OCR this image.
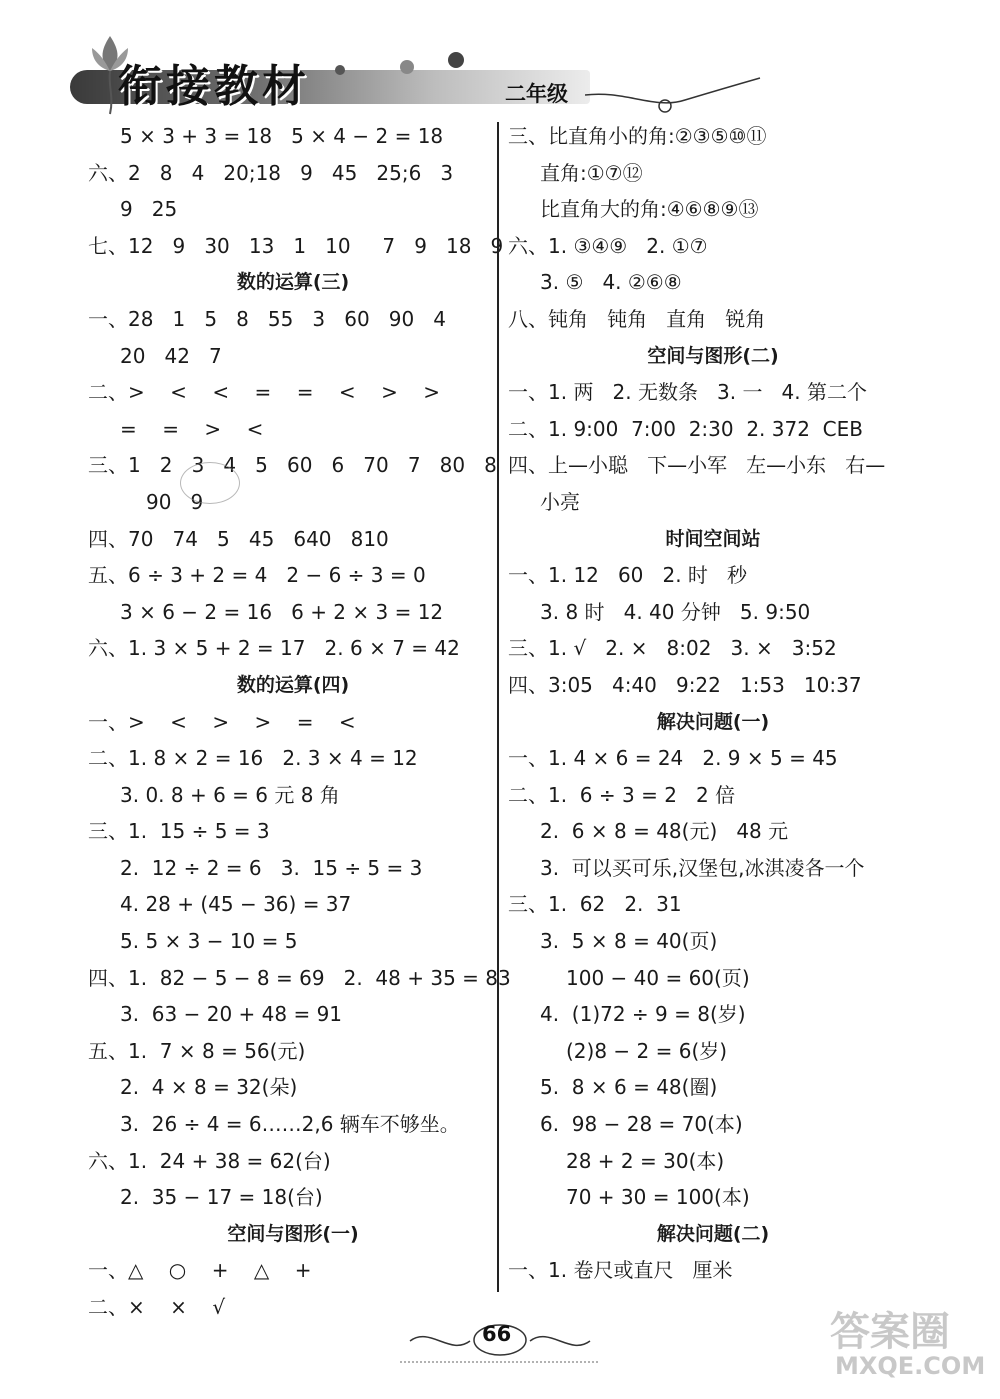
衔接教材	二年级
5 × 3 + 3 = 18   5 × 4 − 2 = 18
六、2   8   4   20;18   9   45   25;6   3
9   25
七、12   9   30   13   1   10     7   9   18   9
数的运算(三)
一、28   1   5   8   55   3   60   90   4
20   42   7
二、>    <    <    =    =    <    >    >
=    =    >    <
三、1   2   3   4   5   60   6   70   7   80   8
90   9
四、70   74   5   45   640   810
五、6 ÷ 3 + 2 = 4   2 − 6 ÷ 3 = 0
3 × 6 − 2 = 16   6 + 2 × 3 = 12
六、1. 3 × 5 + 2 = 17   2. 6 × 7 = 42
数的运算(四)
一、>    <    >    >    =    <
二、1. 8 × 2 = 16   2. 3 × 4 = 12
3. 0. 8 + 6 = 6 元 8 角
三、1.  15 ÷ 5 = 3
2.  12 ÷ 2 = 6   3.  15 ÷ 5 = 3
4. 28 + (45 − 36) = 37
5. 5 × 3 − 10 = 5
四、1.  82 − 5 − 8 = 69   2.  48 + 35 = 83
3.  63 − 20 + 48 = 91
五、1.  7 × 8 = 56(元)
2.  4 × 8 = 32(朵)
3.  26 ÷ 4 = 6……2,6 辆车不够坐。
六、1.  24 + 38 = 62(台)
2.  35 − 17 = 18(台)
空间与图形(一)
一、△    ○    +    △    +
二、×    ×    √
三、比直角小的角:②③⑤⑩⑪
直角:①⑦⑫
比直角大的角:④⑥⑧⑨⑬
六、1. ③④⑨   2. ①⑦
3. ⑤   4. ②⑥⑧
八、钝角   钝角   直角   锐角
空间与图形(二)
一、1. 两   2. 无数条   3. 一   4. 第二个
二、1. 9:00  7:00  2:30  2. 372  CEB
四、上—小聪   下—小军   左—小东   右—
小亮
时间空间站
一、1. 12   60   2. 时   秒
3. 8 时   4. 40 分钟   5. 9:50
三、1. √   2. ×   8:02   3. ×   3:52
四、3:05   4:40   9:22   1:53   10:37
解决问题(一)
一、1. 4 × 6 = 24   2. 9 × 5 = 45
二、1.  6 ÷ 3 = 2   2 倍
2.  6 × 8 = 48(元)   48 元
3.  可以买可乐,汉堡包,冰淇凌各一个
三、1.  62   2.  31
3.  5 × 8 = 40(页)
100 − 40 = 60(页)
4.  (1)72 ÷ 9 = 8(岁)
(2)8 − 2 = 6(岁)
5.  8 × 6 = 48(圈)
6.  98 − 28 = 70(本)
28 + 2 = 30(本)
70 + 30 = 100(本)
解决问题(二)
一、1. 卷尺或直尺   厘米
66	答案圈
MXQE.COM
